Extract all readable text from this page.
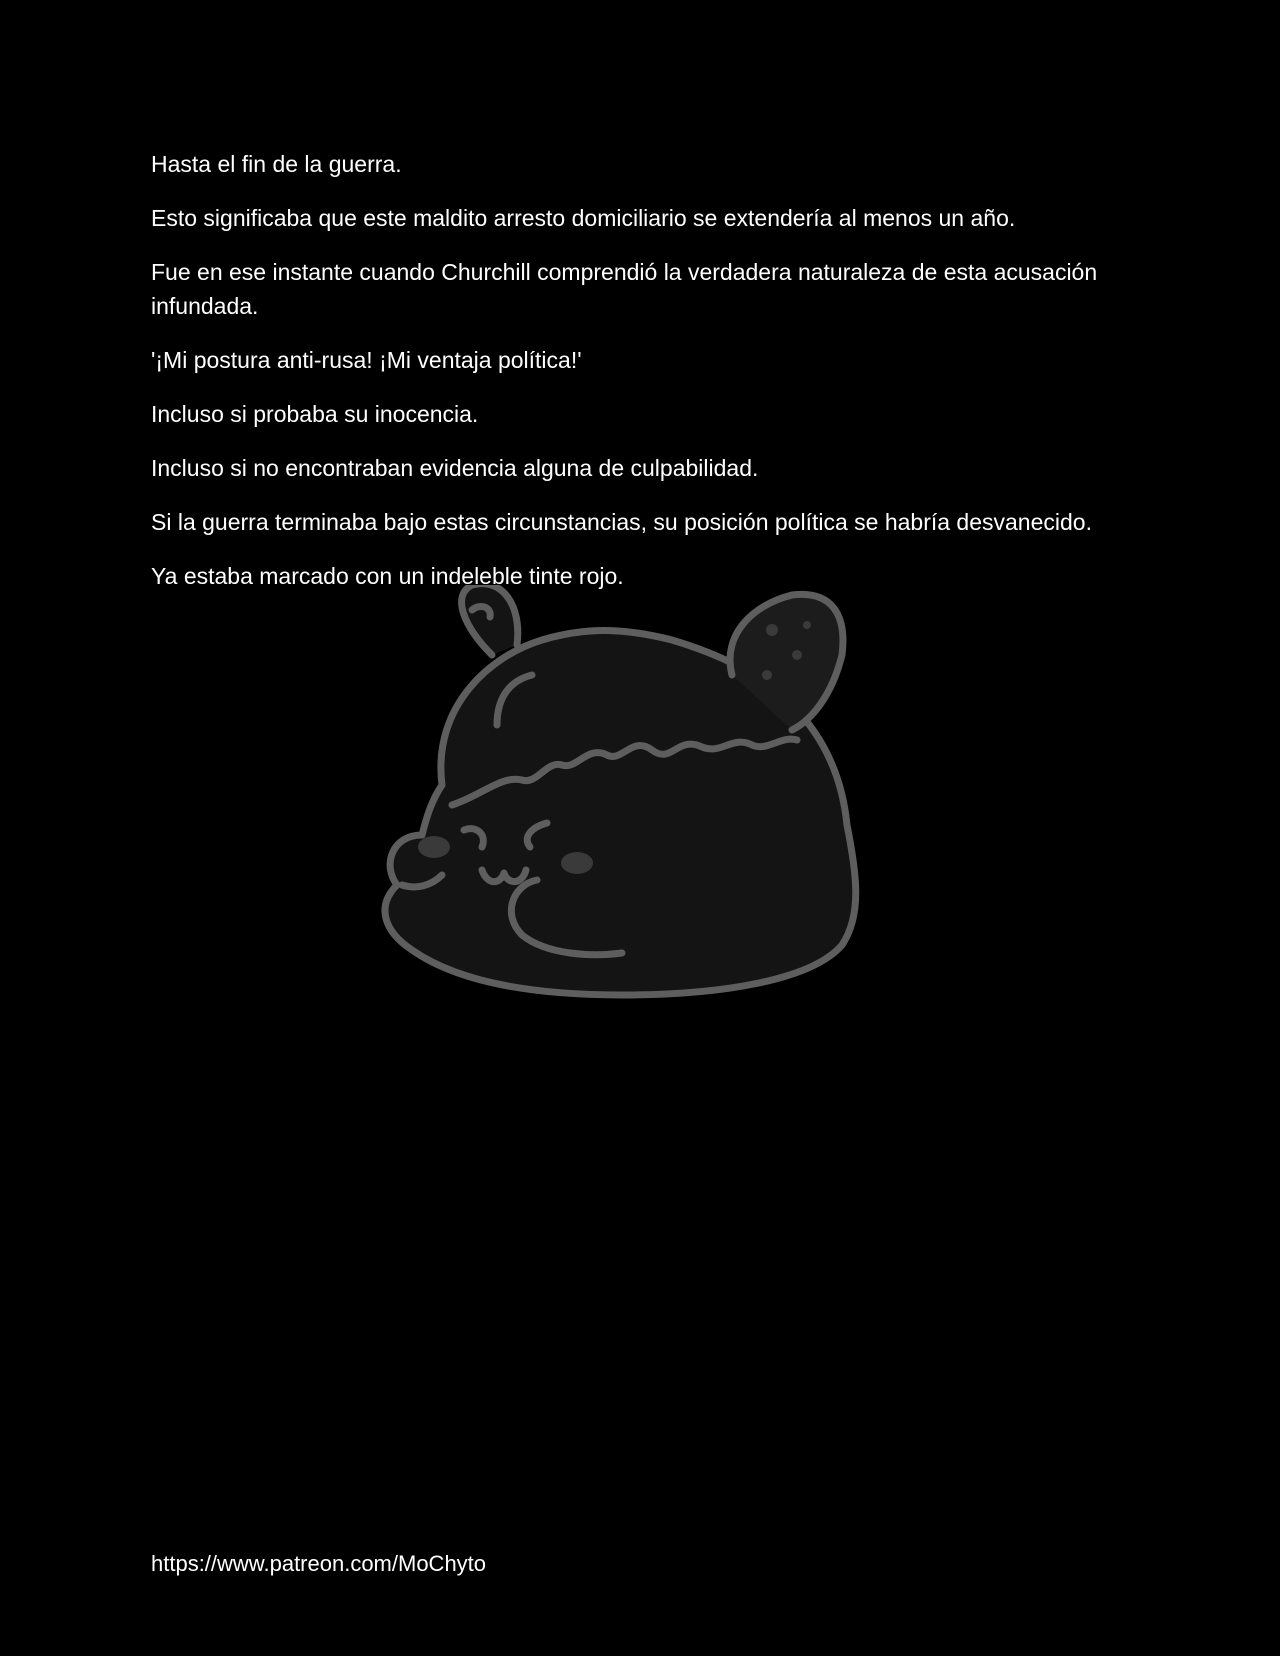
Hasta el fin de la guerra.

Esto significaba que este maldito arresto domiciliario se extendería al menos un año.

Fue en ese instante cuando Churchill comprendió la verdadera naturaleza de esta acusación infundada.

'¡Mi postura anti-rusa! ¡Mi ventaja política!'

Incluso si probaba su inocencia.

Incluso si no encontraban evidencia alguna de culpabilidad.

Si la guerra terminaba bajo estas circunstancias, su posición política se habría desvanecido.

Ya estaba marcado con un indeleble tinte rojo.

https://www.patreon.com/MoChyto
